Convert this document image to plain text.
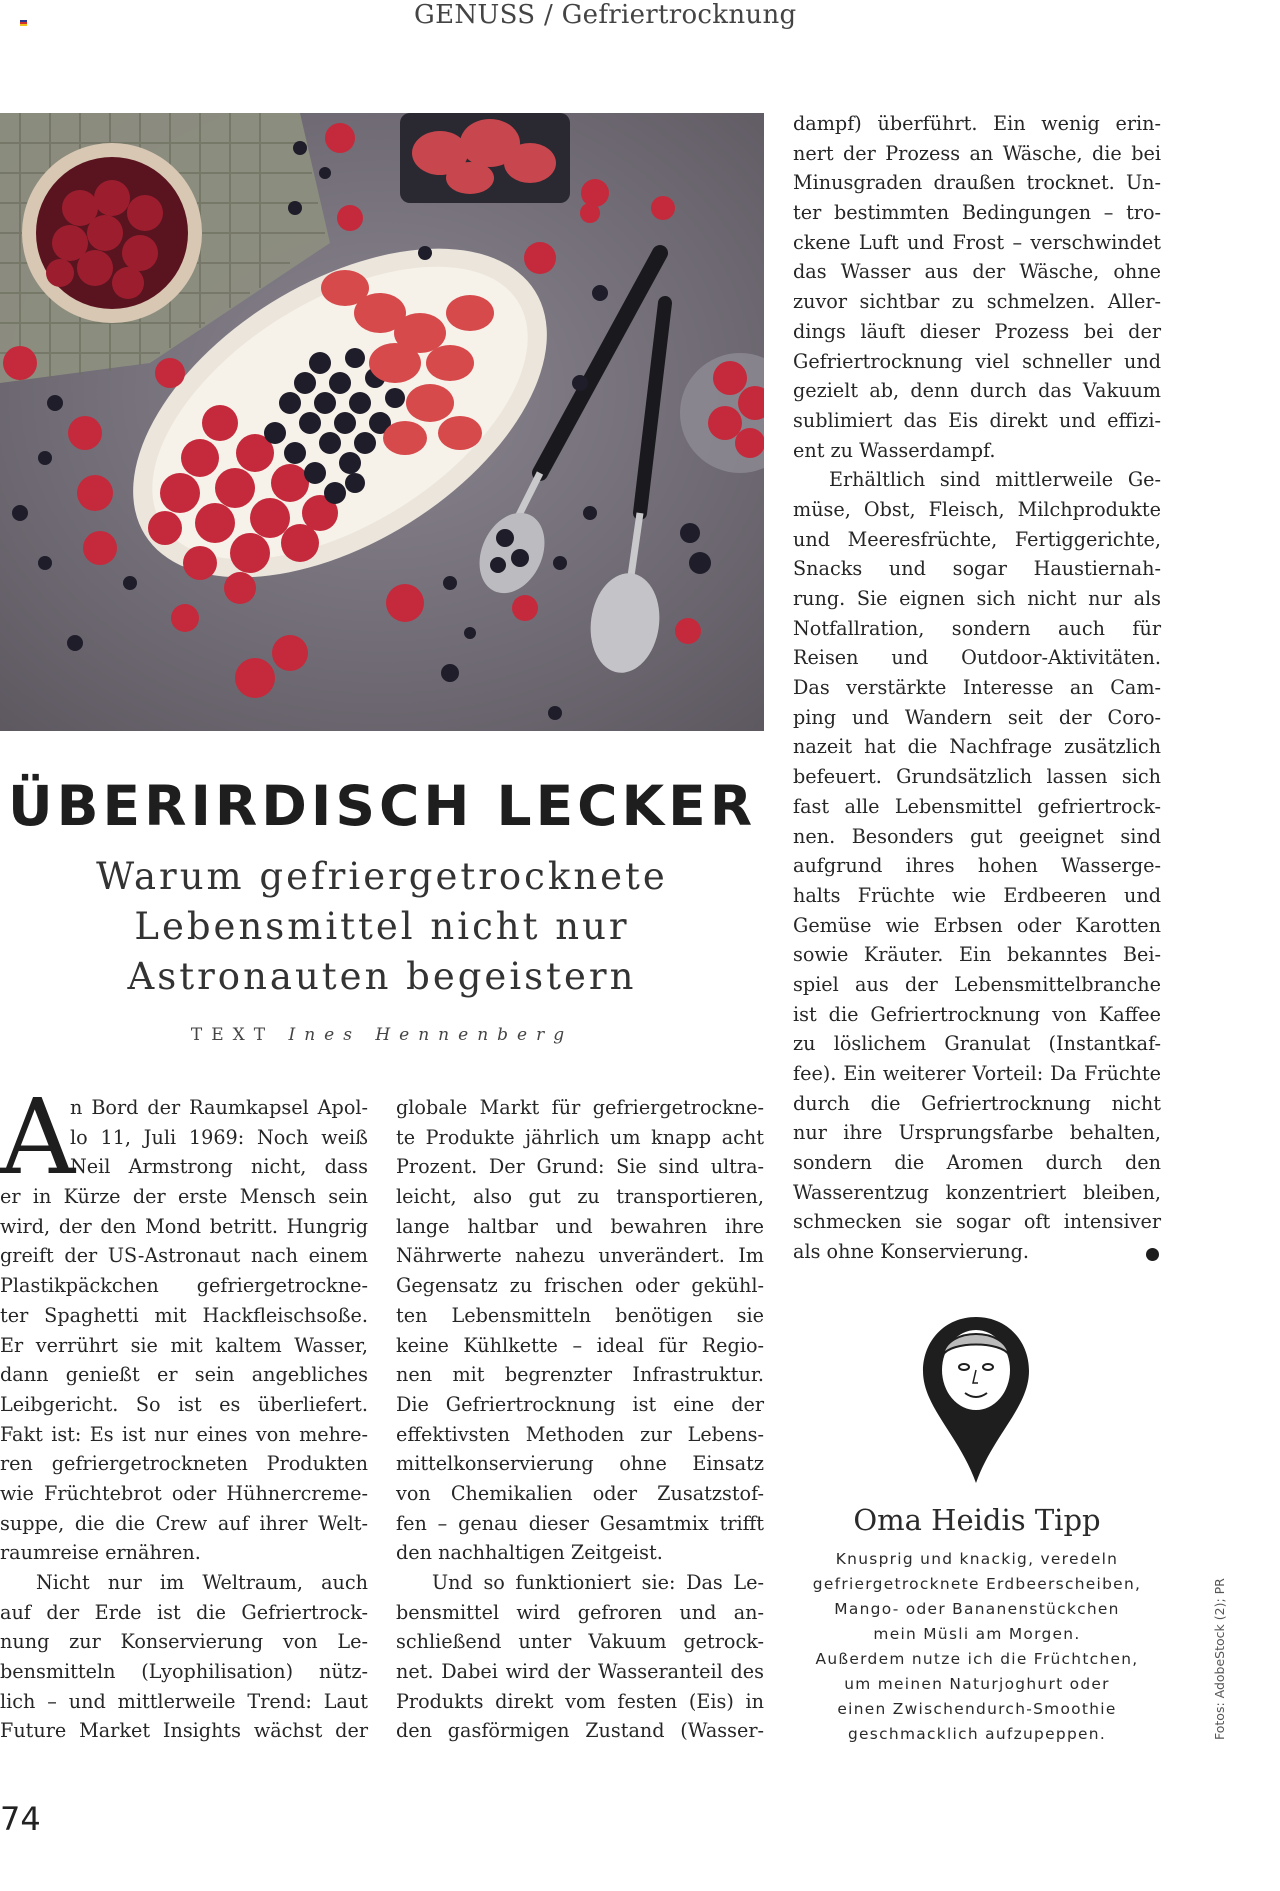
GENUSS / Gefriertrocknung
ÜBERIRDISCH LECKER
Warum gefriergetrocknete
Lebensmittel nicht nur
Astronauten begeistern
TEXT Ines Hennenberg
A
n Bord der Raumkapsel Apol-
lo 11, Juli 1969: Noch weiß
Neil Armstrong nicht, dass
er in Kürze der erste Mensch sein
wird, der den Mond betritt. Hungrig
greift der US-Astronaut nach einem
Plastikpäckchen gefriergetrockne-
ter Spaghetti mit Hackfleischsoße.
Er verrührt sie mit kaltem Wasser,
dann genießt er sein angebliches
Leibgericht. So ist es überliefert.
Fakt ist: Es ist nur eines von mehre-
ren gefriergetrockneten Produkten
wie Früchtebrot oder Hühnercreme-
suppe, die die Crew auf ihrer Welt-
raumreise ernähren.
Nicht nur im Weltraum, auch
auf der Erde ist die Gefriertrock-
nung zur Konservierung von Le-
bensmitteln (Lyophilisation) nütz-
lich – und mittlerweile Trend: Laut
Future Market Insights wächst der
globale Markt für gefriergetrockne-
te Produkte jährlich um knapp acht
Prozent. Der Grund: Sie sind ultra-
leicht, also gut zu transportieren,
lange haltbar und bewahren ihre
Nährwerte nahezu unverändert. Im
Gegensatz zu frischen oder gekühl-
ten Lebensmitteln benötigen sie
keine Kühlkette – ideal für Regio-
nen mit begrenzter Infrastruktur.
Die Gefriertrocknung ist eine der
effektivsten Methoden zur Lebens-
mittelkonservierung ohne Einsatz
von Chemikalien oder Zusatzstof-
fen – genau dieser Gesamtmix trifft
den nachhaltigen Zeitgeist.
Und so funktioniert sie: Das Le-
bensmittel wird gefroren und an-
schließend unter Vakuum getrock-
net. Dabei wird der Wasseranteil des
Produkts direkt vom festen (Eis) in
den gasförmigen Zustand (Wasser-
dampf) überführt. Ein wenig erin-
nert der Prozess an Wäsche, die bei
Minusgraden draußen trocknet. Un-
ter bestimmten Bedingungen – tro-
ckene Luft und Frost – verschwindet
das Wasser aus der Wäsche, ohne
zuvor sichtbar zu schmelzen. Aller-
dings läuft dieser Prozess bei der
Gefriertrocknung viel schneller und
gezielt ab, denn durch das Vakuum
sublimiert das Eis direkt und effizi-
ent zu Wasserdampf.
Erhältlich sind mittlerweile Ge-
müse, Obst, Fleisch, Milchprodukte
und Meeresfrüchte, Fertiggerichte,
Snacks und sogar Haustiernah-
rung. Sie eignen sich nicht nur als
Notfallration, sondern auch für
Reisen und Outdoor-Aktivitäten.
Das verstärkte Interesse an Cam-
ping und Wandern seit der Coro-
nazeit hat die Nachfrage zusätzlich
befeuert. Grundsätzlich lassen sich
fast alle Lebensmittel gefriertrock-
nen. Besonders gut geeignet sind
aufgrund ihres hohen Wasserge-
halts Früchte wie Erdbeeren und
Gemüse wie Erbsen oder Karotten
sowie Kräuter. Ein bekanntes Bei-
spiel aus der Lebensmittelbranche
ist die Gefriertrocknung von Kaffee
zu löslichem Granulat (Instantkaf-
fee). Ein weiterer Vorteil: Da Früchte
durch die Gefriertrocknung nicht
nur ihre Ursprungsfarbe behalten,
sondern die Aromen durch den
Wasserentzug konzentriert bleiben,
schmecken sie sogar oft intensiver
als ohne Konservierung.
Oma Heidis Tipp
Knusprig und knackig, veredeln
gefriergetrocknete Erdbeerscheiben,
Mango- oder Bananenstückchen
mein Müsli am Morgen.
Außerdem nutze ich die Früchtchen,
um meinen Naturjoghurt oder
einen Zwischendurch-Smoothie
geschmacklich aufzupeppen.	Fotos: AdobeStock (2); PR
74
